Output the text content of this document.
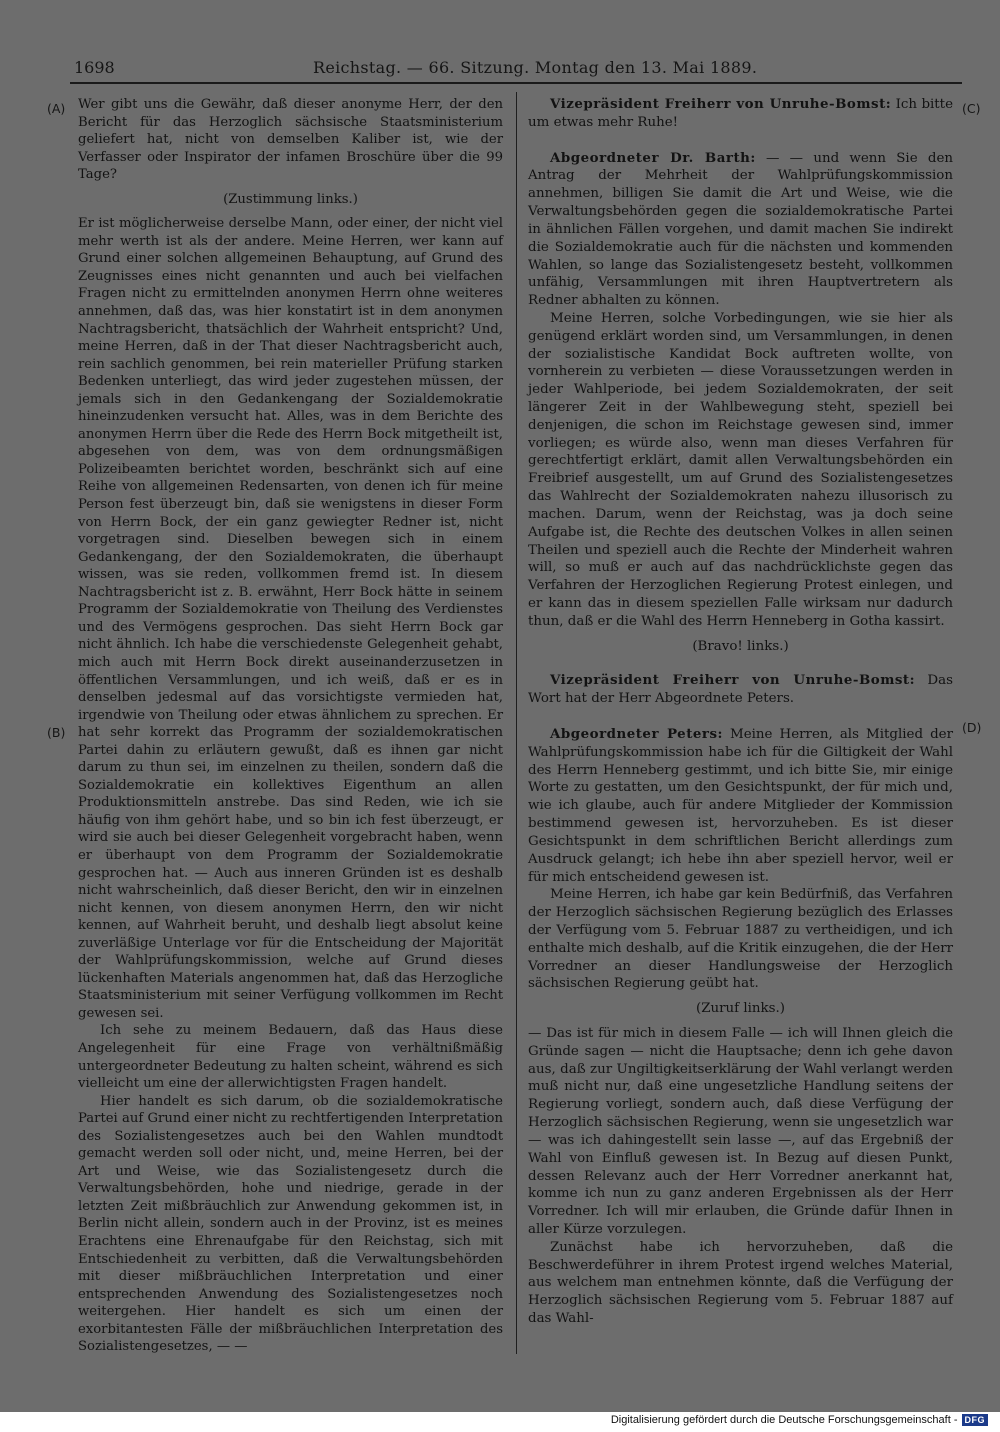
1698	Reichstag. — 66. Sitzung. Montag den 13. Mai 1889.
(A)
(B)
(C)
(D)

Wer gibt uns die Gewähr, daß dieser anonyme Herr, der den Bericht für das Herzoglich sächsische Staatsministerium geliefert hat, nicht von demselben Kaliber ist, wie der Verfasser oder Inspirator der infamen Broschüre über die 99 Tage?

(Zustimmung links.)

Er ist möglicherweise derselbe Mann, oder einer, der nicht viel mehr werth ist als der andere. Meine Herren, wer kann auf Grund einer solchen allgemeinen Behauptung, auf Grund des Zeugnisses eines nicht genannten und auch bei vielfachen Fragen nicht zu ermittelnden anonymen Herrn ohne weiteres annehmen, daß das, was hier konstatirt ist in dem anonymen Nachtragsbericht, thatsächlich der Wahrheit entspricht? Und, meine Herren, daß in der That dieser Nachtragsbericht auch, rein sachlich genommen, bei rein materieller Prüfung starken Bedenken unterliegt, das wird jeder zugestehen müssen, der jemals sich in den Gedankengang der Sozialdemokratie hineinzudenken versucht hat. Alles, was in dem Berichte des anonymen Herrn über die Rede des Herrn Bock mitgetheilt ist, abgesehen von dem, was von dem ordnungsmäßigen Polizeibeamten berichtet worden, beschränkt sich auf eine Reihe von allgemeinen Redensarten, von denen ich für meine Person fest überzeugt bin, daß sie wenigstens in dieser Form von Herrn Bock, der ein ganz gewiegter Redner ist, nicht vorgetragen sind. Dieselben bewegen sich in einem Gedankengang, der den Sozialdemokraten, die überhaupt wissen, was sie reden, vollkommen fremd ist. In diesem Nachtragsbericht ist z. B. erwähnt, Herr Bock hätte in seinem Programm der Sozialdemokratie von Theilung des Verdienstes und des Vermögens gesprochen. Das sieht Herrn Bock gar nicht ähnlich. Ich habe die verschiedenste Gelegenheit gehabt, mich auch mit Herrn Bock direkt auseinanderzusetzen in öffentlichen Versammlungen, und ich weiß, daß er es in denselben jedesmal auf das vorsichtigste vermieden hat, irgendwie von Theilung oder etwas ähnlichem zu sprechen. Er hat sehr korrekt das Programm der sozialdemokratischen Partei dahin zu erläutern gewußt, daß es ihnen gar nicht darum zu thun sei, im einzelnen zu theilen, sondern daß die Sozialdemokratie ein kollektives Eigenthum an allen Produktionsmitteln anstrebe. Das sind Reden, wie ich sie häufig von ihm gehört habe, und so bin ich fest überzeugt, er wird sie auch bei dieser Gelegenheit vorgebracht haben, wenn er überhaupt von dem Programm der Sozialdemokratie gesprochen hat. — Auch aus inneren Gründen ist es deshalb nicht wahrscheinlich, daß dieser Bericht, den wir in einzelnen nicht kennen, von diesem anonymen Herrn, den wir nicht kennen, auf Wahrheit beruht, und deshalb liegt absolut keine zuverläßige Unterlage vor für die Entscheidung der Majorität der Wahlprüfungskommission, welche auf Grund dieses lückenhaften Materials angenommen hat, daß das Herzogliche Staatsministerium mit seiner Verfügung vollkommen im Recht gewesen sei.

Ich sehe zu meinem Bedauern, daß das Haus diese Angelegenheit für eine Frage von verhältnißmäßig untergeordneter Bedeutung zu halten scheint, während es sich vielleicht um eine der allerwichtigsten Fragen handelt.

Hier handelt es sich darum, ob die sozialdemokratische Partei auf Grund einer nicht zu rechtfertigenden Interpretation des Sozialistengesetzes auch bei den Wahlen mundtodt gemacht werden soll oder nicht, und, meine Herren, bei der Art und Weise, wie das Sozialistengesetz durch die Verwaltungsbehörden, hohe und niedrige, gerade in der letzten Zeit mißbräuchlich zur Anwendung gekommen ist, in Berlin nicht allein, sondern auch in der Provinz, ist es meines Erachtens eine Ehrenaufgabe für den Reichstag, sich mit Entschiedenheit zu verbitten, daß die Verwaltungsbehörden mit dieser mißbräuchlichen Interpretation und einer entsprechenden Anwendung des Sozialistengesetzes noch weitergehen. Hier handelt es sich um einen der exorbitantesten Fälle der mißbräuchlichen Interpretation des Sozialistengesetzes, — —

Vizepräsident Freiherr von Unruhe-Bomst: Ich bitte um etwas mehr Ruhe!

Abgeordneter Dr. Barth: — — und wenn Sie den Antrag der Mehrheit der Wahlprüfungskommission annehmen, billigen Sie damit die Art und Weise, wie die Verwaltungsbehörden gegen die sozialdemokratische Partei in ähnlichen Fällen vorgehen, und damit machen Sie indirekt die Sozialdemokratie auch für die nächsten und kommenden Wahlen, so lange das Sozialistengesetz besteht, vollkommen unfähig, Versammlungen mit ihren Hauptvertretern als Redner abhalten zu können.

Meine Herren, solche Vorbedingungen, wie sie hier als genügend erklärt worden sind, um Versammlungen, in denen der sozialistische Kandidat Bock auftreten wollte, von vornherein zu verbieten — diese Voraussetzungen werden in jeder Wahlperiode, bei jedem Sozialdemokraten, der seit längerer Zeit in der Wahlbewegung steht, speziell bei denjenigen, die schon im Reichstage gewesen sind, immer vorliegen; es würde also, wenn man dieses Verfahren für gerechtfertigt erklärt, damit allen Verwaltungsbehörden ein Freibrief ausgestellt, um auf Grund des Sozialistengesetzes das Wahlrecht der Sozialdemokraten nahezu illusorisch zu machen. Darum, wenn der Reichstag, was ja doch seine Aufgabe ist, die Rechte des deutschen Volkes in allen seinen Theilen und speziell auch die Rechte der Minderheit wahren will, so muß er auch auf das nachdrücklichste gegen das Verfahren der Herzoglichen Regierung Protest einlegen, und er kann das in diesem speziellen Falle wirksam nur dadurch thun, daß er die Wahl des Herrn Henneberg in Gotha kassirt.

(Bravo! links.)

Vizepräsident Freiherr von Unruhe-Bomst: Das Wort hat der Herr Abgeordnete Peters.

Abgeordneter Peters: Meine Herren, als Mitglied der Wahlprüfungskommission habe ich für die Giltigkeit der Wahl des Herrn Henneberg gestimmt, und ich bitte Sie, mir einige Worte zu gestatten, um den Gesichtspunkt, der für mich und, wie ich glaube, auch für andere Mitglieder der Kommission bestimmend gewesen ist, hervorzuheben. Es ist dieser Gesichtspunkt in dem schriftlichen Bericht allerdings zum Ausdruck gelangt; ich hebe ihn aber speziell hervor, weil er für mich entscheidend gewesen ist.

Meine Herren, ich habe gar kein Bedürfniß, das Verfahren der Herzoglich sächsischen Regierung bezüglich des Erlasses der Verfügung vom 5. Februar 1887 zu vertheidigen, und ich enthalte mich deshalb, auf die Kritik einzugehen, die der Herr Vorredner an dieser Handlungsweise der Herzoglich sächsischen Regierung geübt hat.

(Zuruf links.)

— Das ist für mich in diesem Falle — ich will Ihnen gleich die Gründe sagen — nicht die Hauptsache; denn ich gehe davon aus, daß zur Ungiltigkeitserklärung der Wahl verlangt werden muß nicht nur, daß eine ungesetzliche Handlung seitens der Regierung vorliegt, sondern auch, daß diese Verfügung der Herzoglich sächsischen Regierung, wenn sie ungesetzlich war — was ich dahingestellt sein lasse —, auf das Ergebniß der Wahl von Einfluß gewesen ist. In Bezug auf diesen Punkt, dessen Relevanz auch der Herr Vorredner anerkannt hat, komme ich nun zu ganz anderen Ergebnissen als der Herr Vorredner. Ich will mir erlauben, die Gründe dafür Ihnen in aller Kürze vorzulegen.

Zunächst habe ich hervorzuheben, daß die Beschwerdeführer in ihrem Protest irgend welches Material, aus welchem man entnehmen könnte, daß die Verfügung der Herzoglich sächsischen Regierung vom 5. Februar 1887 auf das Wahl-

Digitalisierung gefördert durch die Deutsche Forschungsgemeinschaft - DFG
